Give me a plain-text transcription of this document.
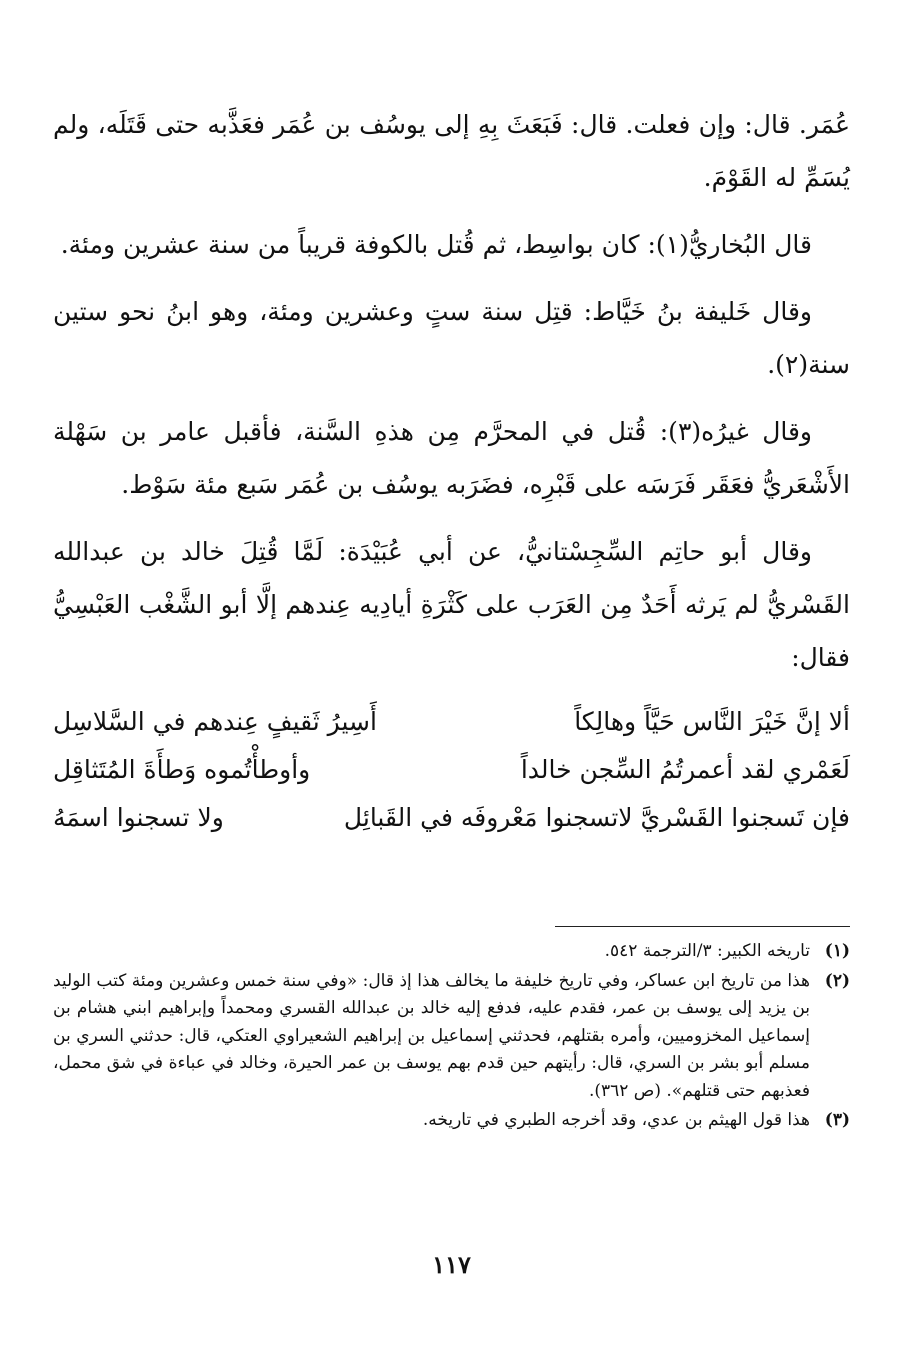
عُمَر. قال: وإن فعلت. قال: فَبَعَثَ بِهِ إلى يوسُف بن عُمَر فعَذَّبه حتى قَتَلَه، ولم يُسَمِّ له القَوْمَ.

قال البُخاريُّ(١): كان بواسِط، ثم قُتل بالكوفة قريباً من سنة عشرين ومئة.

وقال خَليفة بنُ خَيَّاط: قتِل سنة ستٍ وعشرين ومئة، وهو ابنُ نحو ستين سنة(٢).

وقال غيرُه(٣): قُتل في المحرَّم مِن هذهِ السَّنة، فأقبل عامر بن سَهْلة الأَشْعَريُّ فعَقَر فَرَسَه على قَبْرِه، فضَرَبه يوسُف بن عُمَر سَبع مئة سَوْط.

وقال أبو حاتِم السِّجِسْتانيُّ، عن أبي عُبَيْدَة: لَمَّا قُتِلَ خالد بن عبدالله القَسْريُّ لم يَرثه أَحَدٌ مِن العَرَب على كَثْرَةِ أيادِيه عِندهم إلَّا أبو الشَّغْب العَبْسِيُّ فقال:

ألا إنَّ خَيْرَ النَّاس حَيَّاً وهالِكاً
أَسِيرُ ثَقيفٍ عِندهم في السَّلاسِل
لَعَمْري لقد أعمرتُمُ السِّجن خالداً
وأوطأْتُموه وَطأَةَ المُتَثاقِل
فإن تَسجنوا القَسْريَّ لاتسجنوا مَعْروفَه في القَبائِل
ولا تسجنوا اسمَهُ
(١)
تاريخه الكبير: ٣/الترجمة ٥٤٢.
(٢)
هذا من تاريخ ابن عساكر، وفي تاريخ خليفة ما يخالف هذا إذ قال: «وفي سنة خمس وعشرين ومئة كتب الوليد بن يزيد إلى يوسف بن عمر، فقدم عليه، فدفع إليه خالد بن عبدالله القسري ومحمداً وإبراهيم ابني هشام بن إسماعيل المخزوميين، وأمره بقتلهم، فحدثني إسماعيل بن إبراهيم الشعيراوي العتكي، قال: حدثني السري بن مسلم أبو بشر بن السري، قال: رأيتهم حين قدم بهم يوسف بن عمر الحيرة، وخالد في عباءة في شق محمل، فعذبهم حتى قتلهم». (ص ٣٦٢).
(٣)
هذا قول الهيثم بن عدي، وقد أخرجه الطبري في تاريخه.
١١٧
